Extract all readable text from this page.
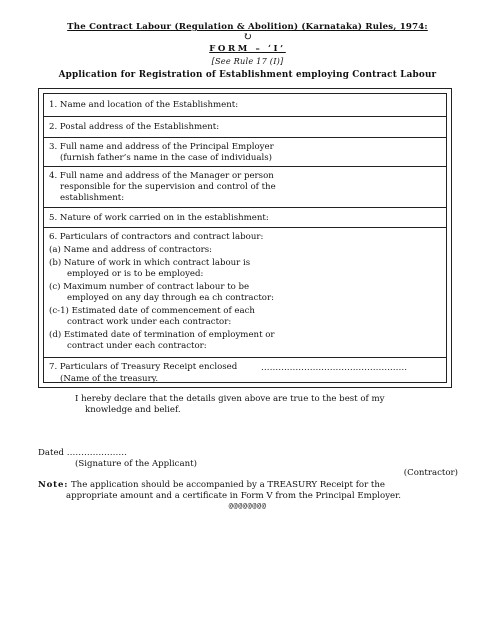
The Contract Labour (Regulation & Abolition) (Karnataka) Rules, 1974:
↻
FORM – ‘I’
[See Rule 17 (I)]
Application for Registration of Establishment employing Contract Labour
1. Name and location of the Establishment:
2. Postal address of the Establishment:
3. Full name and address of the Principal Employer
(furnish father’s name in the case of individuals)
4. Full name and address of the Manager or person
responsible for the supervision and control of the
establishment:
5. Nature of work carried on in the establishment:
6. Particulars of contractors and contract labour:
(a) Name and address of contractors:
(b) Nature of work in which contract labour is
employed or is to be employed:
(c) Maximum number of contract labour to be
employed on any day through ea ch contractor:
(c-1) Estimated date of commencement of each
contract work under each contractor:
(d) Estimated date of termination of employment or
contract under each contractor:
7. Particulars of Treasury Receipt enclosed	……………………………………………
(Name of the treasury.
I hereby declare that the details given above are true to the best of my
knowledge and belief.
Dated …………………
(Signature of the Applicant)
(Contractor)
Note: The application should be accompanied by a TREASURY Receipt for the
appropriate amount and a certificate in Form V from the Principal Employer.
@@@@@@@@
